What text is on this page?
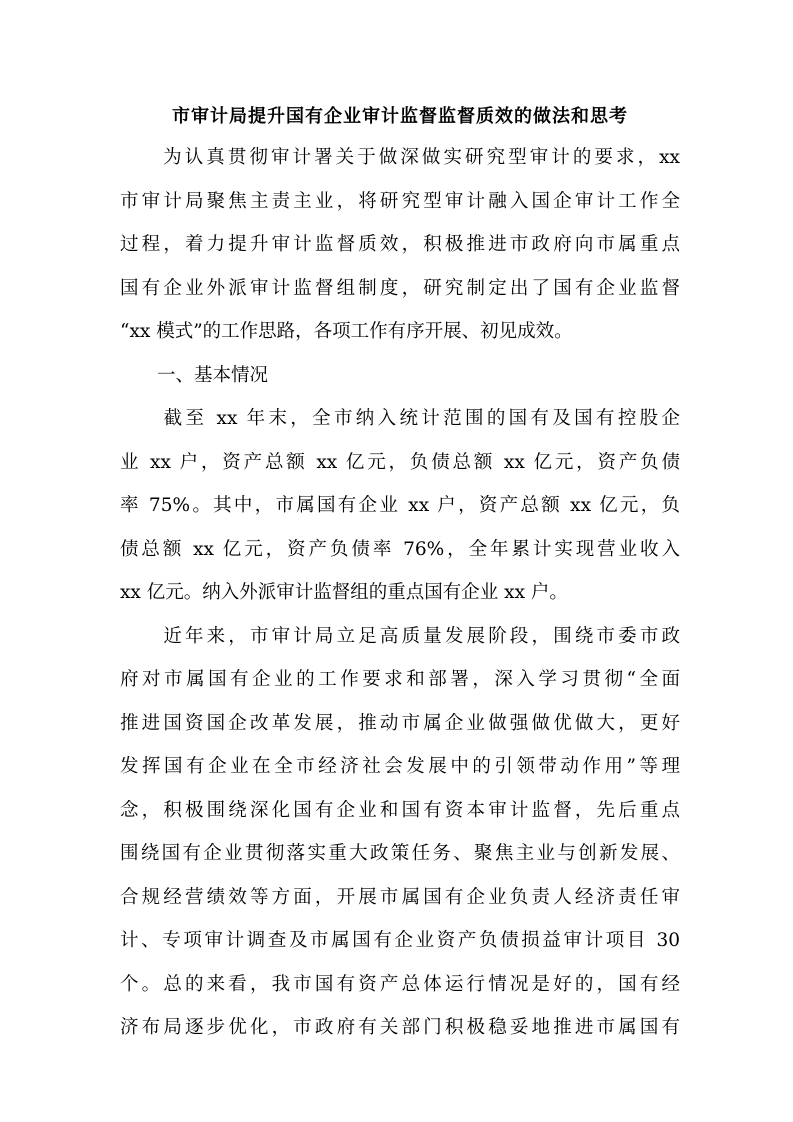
市审计局提升国有企业审计监督监督质效的做法和思考
　　为认真贯彻审计署关于做深做实研究型审计的要求，xx
市审计局聚焦主责主业，将研究型审计融入国企审计工作全
过程，着力提升审计监督质效，积极推进市政府向市属重点
国有企业外派审计监督组制度，研究制定出了国有企业监督
“xx 模式”的工作思路，各项工作有序开展、初见成效。
　　一、基本情况
　　截至 xx 年末，全市纳入统计范围的国有及国有控股企
业 xx 户，资产总额 xx 亿元，负债总额 xx 亿元，资产负债
率 75%。其中，市属国有企业 xx 户，资产总额 xx 亿元，负
债总额 xx 亿元，资产负债率 76%，全年累计实现营业收入
xx 亿元。纳入外派审计监督组的重点国有企业 xx 户。
　　近年来，市审计局立足高质量发展阶段，围绕市委市政
府对市属国有企业的工作要求和部署，深入学习贯彻“全面
推进国资国企改革发展，推动市属企业做强做优做大，更好
发挥国有企业在全市经济社会发展中的引领带动作用”等理
念，积极围绕深化国有企业和国有资本审计监督，先后重点
围绕国有企业贯彻落实重大政策任务、聚焦主业与创新发展、
合规经营绩效等方面，开展市属国有企业负责人经济责任审
计、专项审计调查及市属国有企业资产负债损益审计项目 30
个。总的来看，我市国有资产总体运行情况是好的，国有经
济布局逐步优化，市政府有关部门积极稳妥地推进市属国有
